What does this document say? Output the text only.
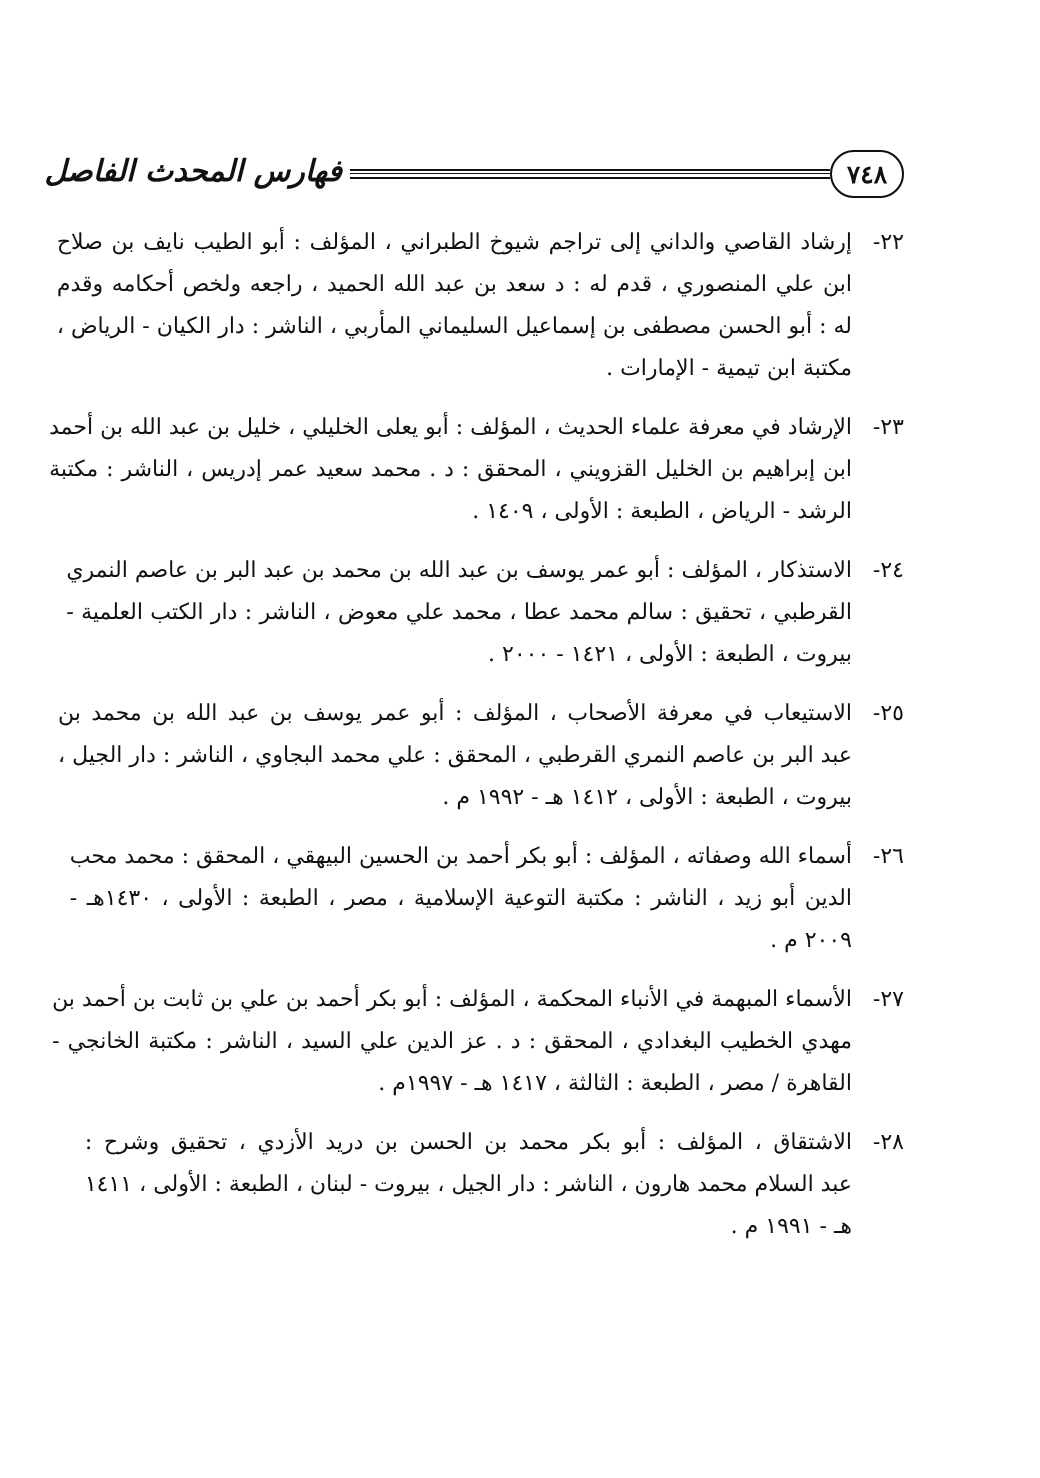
٧٤٨
فهارس المحدث الفاصل
٢٢-
إرشاد القاصي والداني إلى تراجم شيوخ الطبراني ، المؤلف : أبو الطيب نايف بن صلاح
ابن علي المنصوري ، قدم له : د سعد بن عبد الله الحميد ، راجعه ولخص أحكامه وقدم
له : أبو الحسن مصطفى بن إسماعيل السليماني المأربي ، الناشر : دار الكيان - الرياض ،
مكتبة ابن تيمية - الإمارات .
٢٣-
الإرشاد في معرفة علماء الحديث ، المؤلف : أبو يعلى الخليلي ، خليل بن عبد الله بن أحمد
ابن إبراهيم بن الخليل القزويني ، المحقق : د . محمد سعيد عمر إدريس ، الناشر : مكتبة
الرشد - الرياض ، الطبعة : الأولى ، ١٤٠٩ .
٢٤-
الاستذكار ، المؤلف : أبو عمر يوسف بن عبد الله بن محمد بن عبد البر بن عاصم النمري
القرطبي ، تحقيق : سالم محمد عطا ، محمد علي معوض ، الناشر : دار الكتب العلمية -
بيروت ، الطبعة : الأولى ، ١٤٢١ - ٢٠٠٠ .
٢٥-
الاستيعاب في معرفة الأصحاب ، المؤلف : أبو عمر يوسف بن عبد الله بن محمد بن
عبد البر بن عاصم النمري القرطبي ، المحقق : علي محمد البجاوي ، الناشر : دار الجيل ،
بيروت ، الطبعة : الأولى ، ١٤١٢ هـ - ١٩٩٢ م .
٢٦-
أسماء الله وصفاته ، المؤلف : أبو بكر أحمد بن الحسين البيهقي ، المحقق : محمد محب
الدين أبو زيد ، الناشر : مكتبة التوعية الإسلامية ، مصر ، الطبعة : الأولى ، ١٤٣٠هـ -
٢٠٠٩ م .
٢٧-
الأسماء المبهمة في الأنباء المحكمة ، المؤلف : أبو بكر أحمد بن علي بن ثابت بن أحمد بن
مهدي الخطيب البغدادي ، المحقق : د . عز الدين علي السيد ، الناشر : مكتبة الخانجي -
القاهرة / مصر ، الطبعة : الثالثة ، ١٤١٧ هـ - ١٩٩٧م .
٢٨-
الاشتقاق ، المؤلف : أبو بكر محمد بن الحسن بن دريد الأزدي ، تحقيق وشرح :
عبد السلام محمد هارون ، الناشر : دار الجيل ، بيروت - لبنان ، الطبعة : الأولى ، ١٤١١
هـ - ١٩٩١ م .
